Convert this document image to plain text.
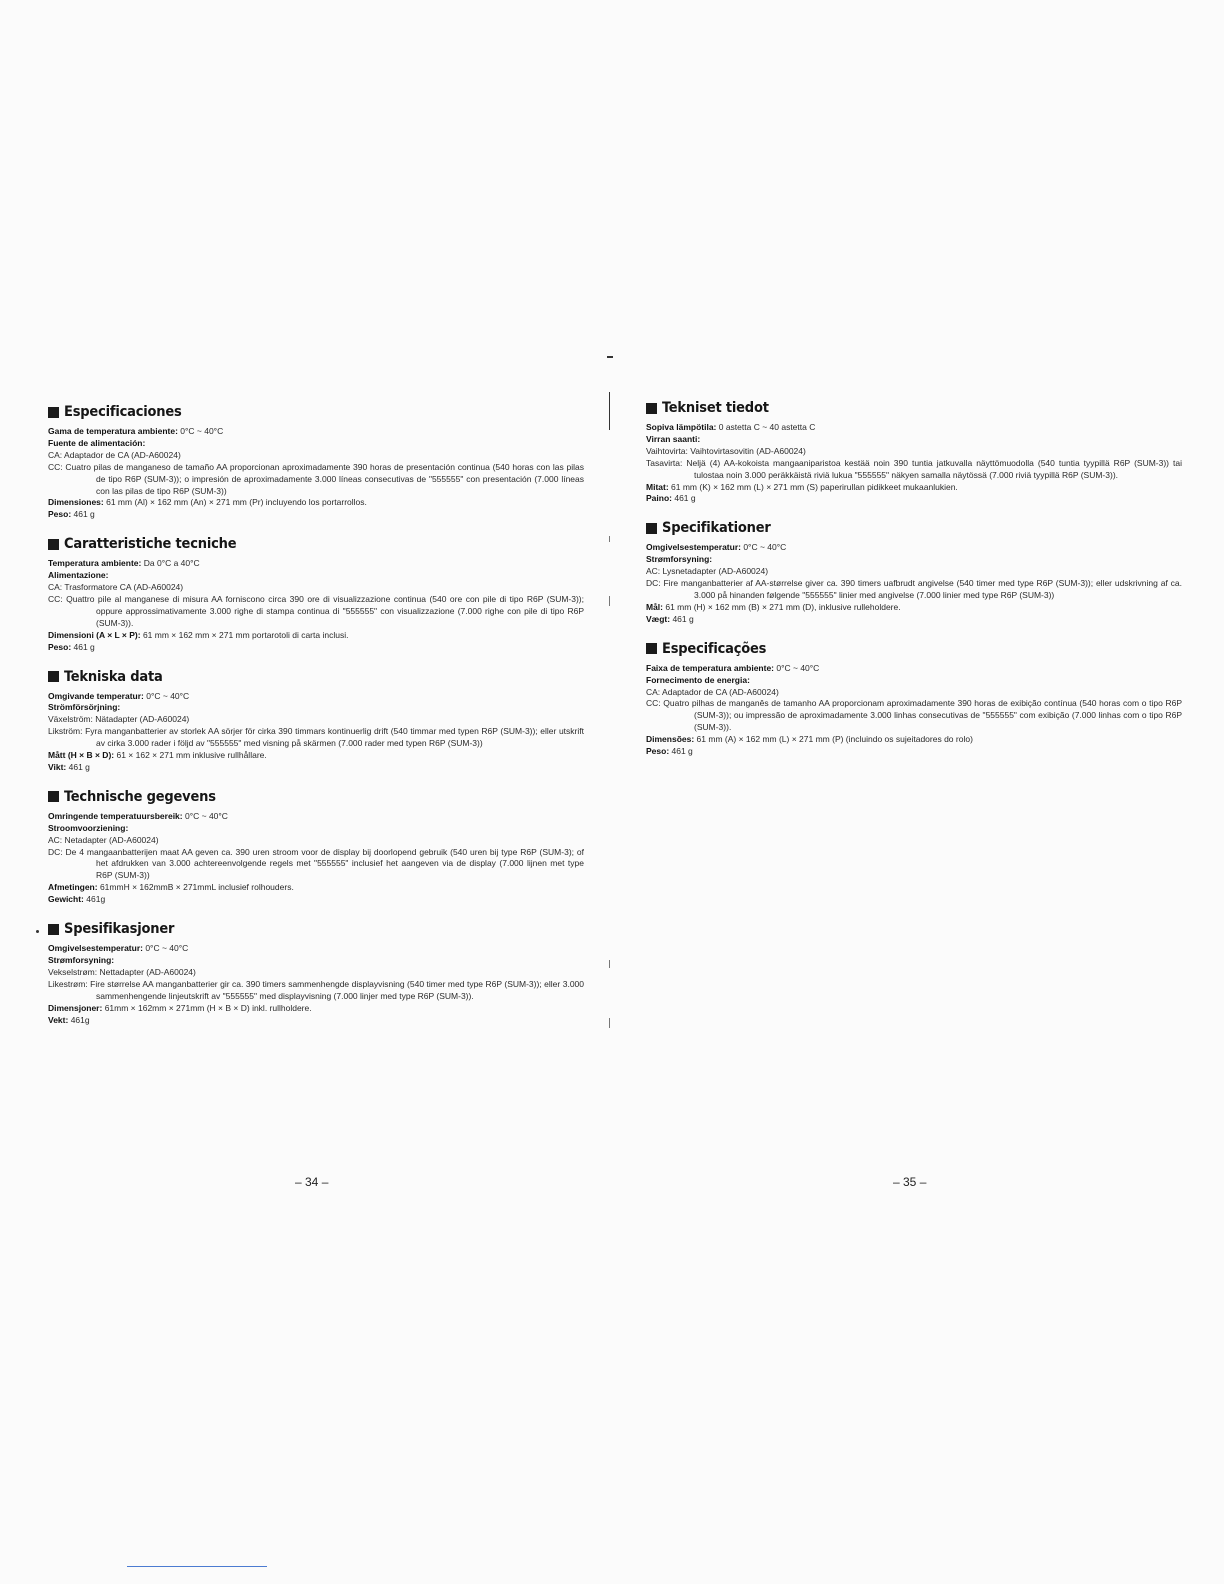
Especificaciones
Gama de temperatura ambiente: 0°C ~ 40°C
Fuente de alimentación:
CA: Adaptador de CA (AD-A60024)
CC: Cuatro pilas de manganeso de tamaño AA proporcionan aproximadamente 390 horas de presentación continua (540 horas con las pilas de tipo R6P (SUM-3)); o impresión de aproximadamente 3.000 líneas consecutivas de "555555" con presentación (7.000 líneas con las pilas de tipo R6P (SUM-3))
Dimensiones: 61 mm (Al) × 162 mm (An) × 271 mm (Pr) incluyendo los portarrollos.
Peso: 461 g
Caratteristiche tecniche
Temperatura ambiente: Da 0°C a 40°C
Alimentazione:
CA: Trasformatore CA (AD-A60024)
CC: Quattro pile al manganese di misura AA forniscono circa 390 ore di visualizzazione continua (540 ore con pile di tipo R6P (SUM-3)); oppure approssimativamente 3.000 righe di stampa continua di "555555" con visualizzazione (7.000 righe con pile di tipo R6P (SUM-3)).
Dimensioni (A × L × P): 61 mm × 162 mm × 271 mm portarotoli di carta inclusi.
Peso: 461 g
Tekniska data
Omgivande temperatur: 0°C ~ 40°C
Strömförsörjning:
Växelström: Nätadapter (AD-A60024)
Likström: Fyra manganbatterier av storlek AA sörjer för cirka 390 timmars kontinuerlig drift (540 timmar med typen R6P (SUM-3)); eller utskrift av cirka 3.000 rader i följd av "555555" med visning på skärmen (7.000 rader med typen R6P (SUM-3))
Mått (H × B × D): 61 × 162 × 271 mm inklusive rullhållare.
Vikt: 461 g
Technische gegevens
Omringende temperatuursbereik: 0°C ~ 40°C
Stroomvoorziening:
AC: Netadapter (AD-A60024)
DC: De 4 mangaanbatterijen maat AA geven ca. 390 uren stroom voor de display bij doorlopend gebruik (540 uren bij type R6P (SUM-3); of het afdrukken van 3.000 achtereenvolgende regels met "555555" inclusief het aangeven via de display (7.000 lijnen met type R6P (SUM-3))
Afmetingen: 61mmH × 162mmB × 271mmL inclusief rolhouders.
Gewicht: 461g
Spesifikasjoner
Omgivelsestemperatur: 0°C ~ 40°C
Strømforsyning:
Vekselstrøm: Nettadapter (AD-A60024)
Likestrøm: Fire størrelse AA manganbatterier gir ca. 390 timers sammenhengde displayvisning (540 timer med type R6P (SUM-3)); eller 3.000 sammenhengende linjeutskrift av "555555" med displayvisning (7.000 linjer med type R6P (SUM-3)).
Dimensjoner: 61mm × 162mm × 271mm (H × B × D) inkl. rullholdere.
Vekt: 461g
Tekniset tiedot
Sopiva lämpötila: 0 astetta C ~ 40 astetta C
Virran saanti:
Vaihtovirta: Vaihtovirtasovitin (AD-A60024)
Tasavirta: Neljä (4) AA-kokoista mangaaniparistoa kestää noin 390 tuntia jatkuvalla näyttömuodolla (540 tuntia tyypillä R6P (SUM-3)) tai tulostaa noin 3.000 peräkkäistä riviä lukua "555555" näkyen samalla näytössä (7.000 riviä tyypillä R6P (SUM-3)).
Mitat: 61 mm (K) × 162 mm (L) × 271 mm (S) paperirullan pidikkeet mukaanlukien.
Paino: 461 g
Specifikationer
Omgivelsestemperatur: 0°C ~ 40°C
Strømforsyning:
AC: Lysnetadapter (AD-A60024)
DC: Fire manganbatterier af AA-størrelse giver ca. 390 timers uafbrudt angivelse (540 timer med type R6P (SUM-3)); eller udskrivning af ca. 3.000 på hinanden følgende "555555" linier med angivelse (7.000 linier med type R6P (SUM-3))
Mål: 61 mm (H) × 162 mm (B) × 271 mm (D), inklusive rulleholdere.
Vægt: 461 g
Especificações
Faixa de temperatura ambiente: 0°C ~ 40°C
Fornecimento de energia:
CA: Adaptador de CA (AD-A60024)
CC: Quatro pilhas de manganês de tamanho AA proporcionam aproximadamente 390 horas de exibição contínua (540 horas com o tipo R6P (SUM-3)); ou impressão de aproximadamente 3.000 linhas consecutivas de "555555" com exibição (7.000 linhas com o tipo R6P (SUM-3)).
Dimensões: 61 mm (A) × 162 mm (L) × 271 mm (P) (incluindo os sujeitadores do rolo)
Peso: 461 g
– 34 –	– 35 –
